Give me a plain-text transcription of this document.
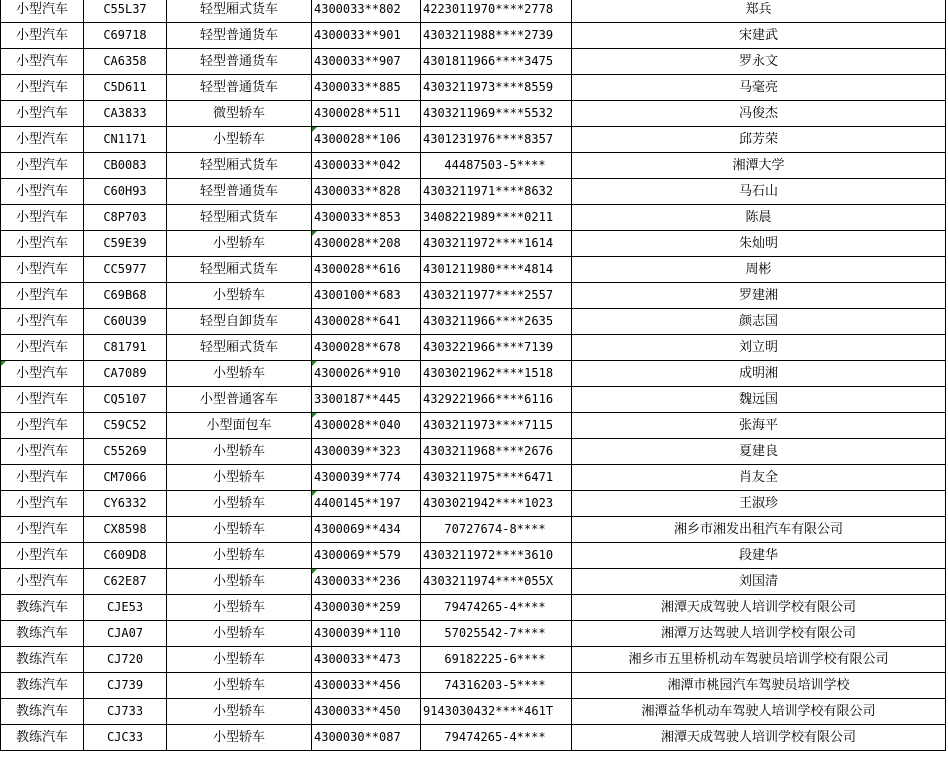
小型汽车	C55L37	轻型厢式货车	4300033**802	4223011970****2778	郑兵
小型汽车	C69718	轻型普通货车	4300033**901	4303211988****2739	宋建武
小型汽车	CA6358	轻型普通货车	4300033**907	4301811966****3475	罗永文
小型汽车	C5D611	轻型普通货车	4300033**885	4303211973****8559	马毫亮
小型汽车	CA3833	微型轿车	4300028**511	4303211969****5532	冯俊杰
小型汽车	CN1171	小型轿车	4300028**106	4301231976****8357	邱芳荣
小型汽车	CB0083	轻型厢式货车	4300033**042	44487503-5****	湘潭大学
小型汽车	C60H93	轻型普通货车	4300033**828	4303211971****8632	马石山
小型汽车	C8P703	轻型厢式货车	4300033**853	3408221989****0211	陈晨
小型汽车	C59E39	小型轿车	4300028**208	4303211972****1614	朱灿明
小型汽车	CC5977	轻型厢式货车	4300028**616	4301211980****4814	周彬
小型汽车	C69B68	小型轿车	4300100**683	4303211977****2557	罗建湘
小型汽车	C60U39	轻型自卸货车	4300028**641	4303211966****2635	颜志国
小型汽车	C81791	轻型厢式货车	4300028**678	4303221966****7139	刘立明
小型汽车	CA7089	小型轿车	4300026**910	4303021962****1518	成明湘
小型汽车	CQ5107	小型普通客车	3300187**445	4329221966****6116	魏远国
小型汽车	C59C52	小型面包车	4300028**040	4303211973****7115	张海平
小型汽车	C55269	小型轿车	4300039**323	4303211968****2676	夏建良
小型汽车	CM7066	小型轿车	4300039**774	4303211975****6471	肖友全
小型汽车	CY6332	小型轿车	4400145**197	4303021942****1023	王淑珍
小型汽车	CX8598	小型轿车	4300069**434	70727674-8****	湘乡市湘发出租汽车有限公司
小型汽车	C609D8	小型轿车	4300069**579	4303211972****3610	段建华
小型汽车	C62E87	小型轿车	4300033**236	4303211974****055X	刘国清
教练汽车	CJE53	小型轿车	4300030**259	79474265-4****	湘潭天成驾驶人培训学校有限公司
教练汽车	CJA07	小型轿车	4300039**110	57025542-7****	湘潭万达驾驶人培训学校有限公司
教练汽车	CJ720	小型轿车	4300033**473	69182225-6****	湘乡市五里桥机动车驾驶员培训学校有限公司
教练汽车	CJ739	小型轿车	4300033**456	74316203-5****	湘潭市桃园汽车驾驶员培训学校
教练汽车	CJ733	小型轿车	4300033**450	9143030432****461T	湘潭益华机动车驾驶人培训学校有限公司
教练汽车	CJC33	小型轿车	4300030**087	79474265-4****	湘潭天成驾驶人培训学校有限公司
